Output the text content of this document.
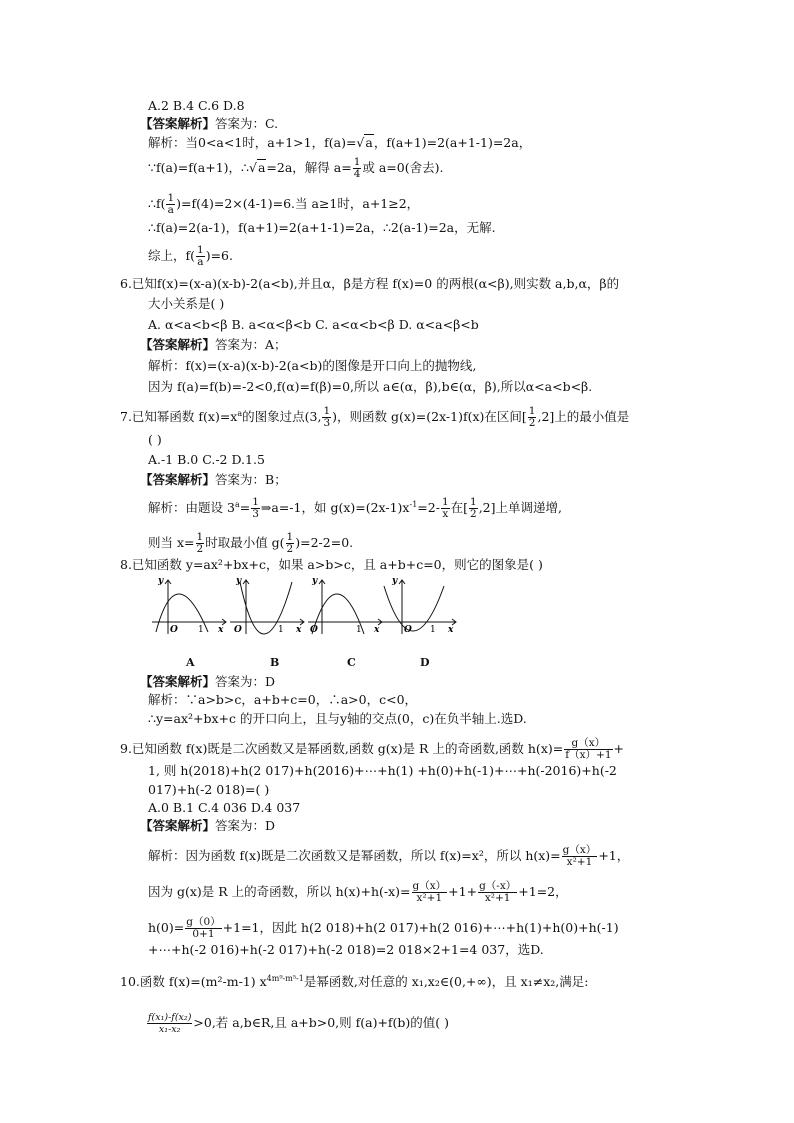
A.2 B.4 C.6 D.8
【答案解析】答案为：C.
解析：当0<a<1时，a+1>1，f(a)=√a，f(a+1)=2(a+1-1)=2a，
∵f(a)=f(a+1)，∴√a=2a，解得 $a= \frac{1}{4}$ 或 a=0(舍去).
∴f( $\frac{1}{a} )=f(4)=2\times(4-1)=6$.当 a≥1时，a+1≥2，
∴f(a)=2(a-1)，f(a+1)=2(a+1-1)=2a，∴2(a-1)=2a，无解.
综上，$f( \frac{1}{a} )=6$.
6.已知f(x)=(x-a)(x-b)-2(a<b),并且α，β是方程 f(x)=0 的两根(α<β),则实数 a,b,α，β的
大小关系是( )
A. α<a<b<β B. a<α<β<b C. a<α<b<β D. α<a<β<b
【答案解析】答案为：A；
解析：f(x)=(x-a)(x-b)-2(a<b)的图像是开口向上的抛物线,
因为 f(a)=f(b)=-2<0,f(α)=f(β)=0,所以 a∈(α，β),b∈(α，β),所以α<a<b<β.
7.已知幂函数 $f(x)=x^a$的图象过点(3, $\frac{1}{3}$ )，则函数 g(x)=(2x-1)f(x)在区间[ $\frac{1}{2} ,2$]上的最小值是
( )
A.-1 B.0 C.-2 D.1.5
【答案解析】答案为：B；
解析：由题设 $3^a= \frac{1}{3}$ ⇒a=-1，如 $g(x)=(2x-1)x^{-1}=2- \frac{1}{x}$ 在[ $\frac{1}{2} ,2$]上单调递增,
则当 $x= \frac{1}{2}$ 时取最小值 $g( \frac{1}{2} )=2-2=0$.
8.已知函数 y=ax²+bx+c，如果 a>b>c，且 a+b+c=0，则它的图象是( )
y
x
O 1
y
x
O	1
y
x
O	1
y
x
O 1
A	B	C	D
【答案解析】答案为：D
解析：∵a>b>c，a+b+c=0，∴a>0，c<0，
∴y=ax²+bx+c 的开口向上，且与y轴的交点(0，c)在负半轴上.选D.
9.已知函数 f(x)既是二次函数又是幂函数,函数 g(x)是 R 上的奇函数,函数 $h(x)= \frac{g(x)}{f(x)+1}$ +
1, 则 h(2018)+h(2 017)+h(2016)+⋯+h(1) +h(0)+h(-1)+⋯+h(-2016)+h(-2
017)+h(-2 018)=( )
A.0 B.1 C.4 036 D.4 037
【答案解析】答案为：D
解析：因为函数 f(x)既是二次函数又是幂函数，所以 f(x)=x²，所以 $h(x)= \frac{g(x)}{\text{x²+1}} +1$，
因为 g(x)是 R 上的奇函数，所以 $h(x)+h(-x)= \frac{g(x)}{\text{x²+1}} +1+ \frac{g(-x)}{\text{x²+1}} +1=2$，
$h(0)= \frac{g(0)}{0+1} +1=1$，因此 h(2 018)+h(2 017)+h(2 016)+⋯+h(1)+h(0)+h(-1)
+⋯+h(-2 016)+h(-2 017)+h(-2 018)=2 018×2+1=4 037，选D.
10.函数 f(x)=(m²-m-1) $x^{4m^9-m^5-1}$是幂函数,对任意的 x₁,x₂∈(0,+∞)，且 x₁≠x₂,满足:
$\frac{\text{f(x₁)-f(x₂)}}{\text{x₁-x₂}} >0$,若 a,b∈R,且 a+b>0,则 f(a)+f(b)的值( )
